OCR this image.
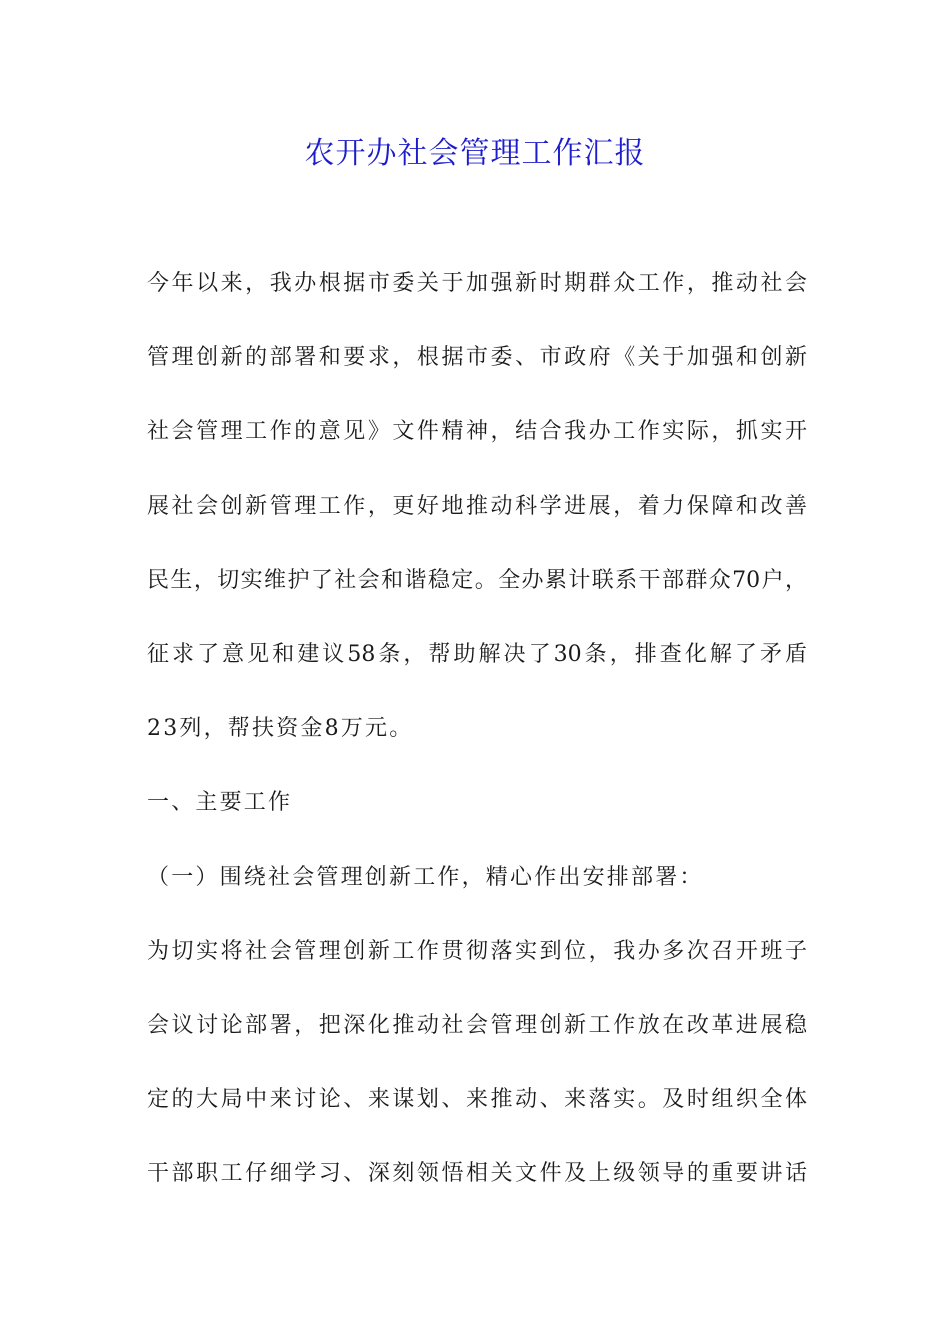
农开办社会管理工作汇报

今年以来，我办根据市委关于加强新时期群众工作，推动社会

管理创新的部署和要求，根据市委、市政府《关于加强和创新

社会管理工作的意见》文件精神，结合我办工作实际，抓实开

展社会创新管理工作，更好地推动科学进展，着力保障和改善

民生，切实维护了社会和谐稳定。全办累计联系干部群众70户，

征求了意见和建议58条，帮助解决了30条，排查化解了矛盾

23列，帮扶资金8万元。

一、主要工作

（一）围绕社会管理创新工作，精心作出安排部署：

为切实将社会管理创新工作贯彻落实到位，我办多次召开班子

会议讨论部署，把深化推动社会管理创新工作放在改革进展稳

定的大局中来讨论、来谋划、来推动、来落实。及时组织全体

干部职工仔细学习、深刻领悟相关文件及上级领导的重要讲话
